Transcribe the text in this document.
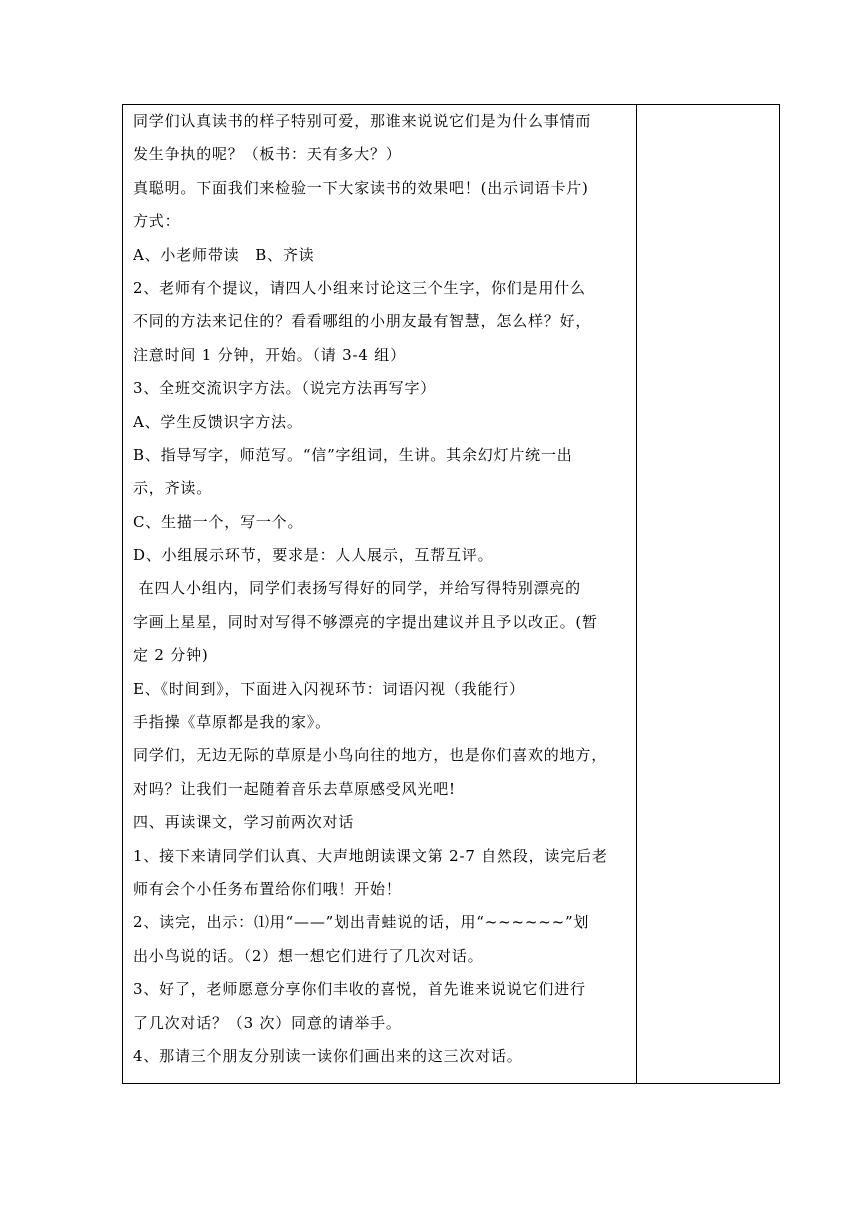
同学们认真读书的样子特别可爱，那谁来说说它们是为什么事情而
发生争执的呢？（板书：天有多大？）
真聪明。下面我们来检验一下大家读书的效果吧！(出示词语卡片)
方式：
A、小老师带读　B、齐读
2、老师有个提议，请四人小组来讨论这三个生字，你们是用什么
不同的方法来记住的？看看哪组的小朋友最有智慧，怎么样？好，
注意时间 1 分钟，开始。（请 3-4 组）
3、全班交流识字方法。（说完方法再写字）
A、学生反馈识字方法。
B、指导写字，师范写。“信”字组词，生讲。其余幻灯片统一出
示，齐读。
C、生描一个，写一个。
D、小组展示环节，要求是：人人展示，互帮互评。
在四人小组内，同学们表扬写得好的同学，并给写得特别漂亮的
字画上星星，同时对写得不够漂亮的字提出建议并且予以改正。(暂
定 2 分钟)
E、《时间到》，下面进入闪视环节：词语闪视（我能行）
手指操《草原都是我的家》。
同学们，无边无际的草原是小鸟向往的地方，也是你们喜欢的地方，
对吗？让我们一起随着音乐去草原感受风光吧!
四、再读课文，学习前两次对话
1、接下来请同学们认真、大声地朗读课文第 2-7 自然段，读完后老
师有会个小任务布置给你们哦！开始！
2、读完，出示：⑴用“——”划出青蛙说的话，用“~~~~~~”划
出小鸟说的话。（2）想一想它们进行了几次对话。
3、好了，老师愿意分享你们丰收的喜悦，首先谁来说说它们进行
了几次对话？（3 次）同意的请举手。
4、那请三个朋友分别读一读你们画出来的这三次对话。
